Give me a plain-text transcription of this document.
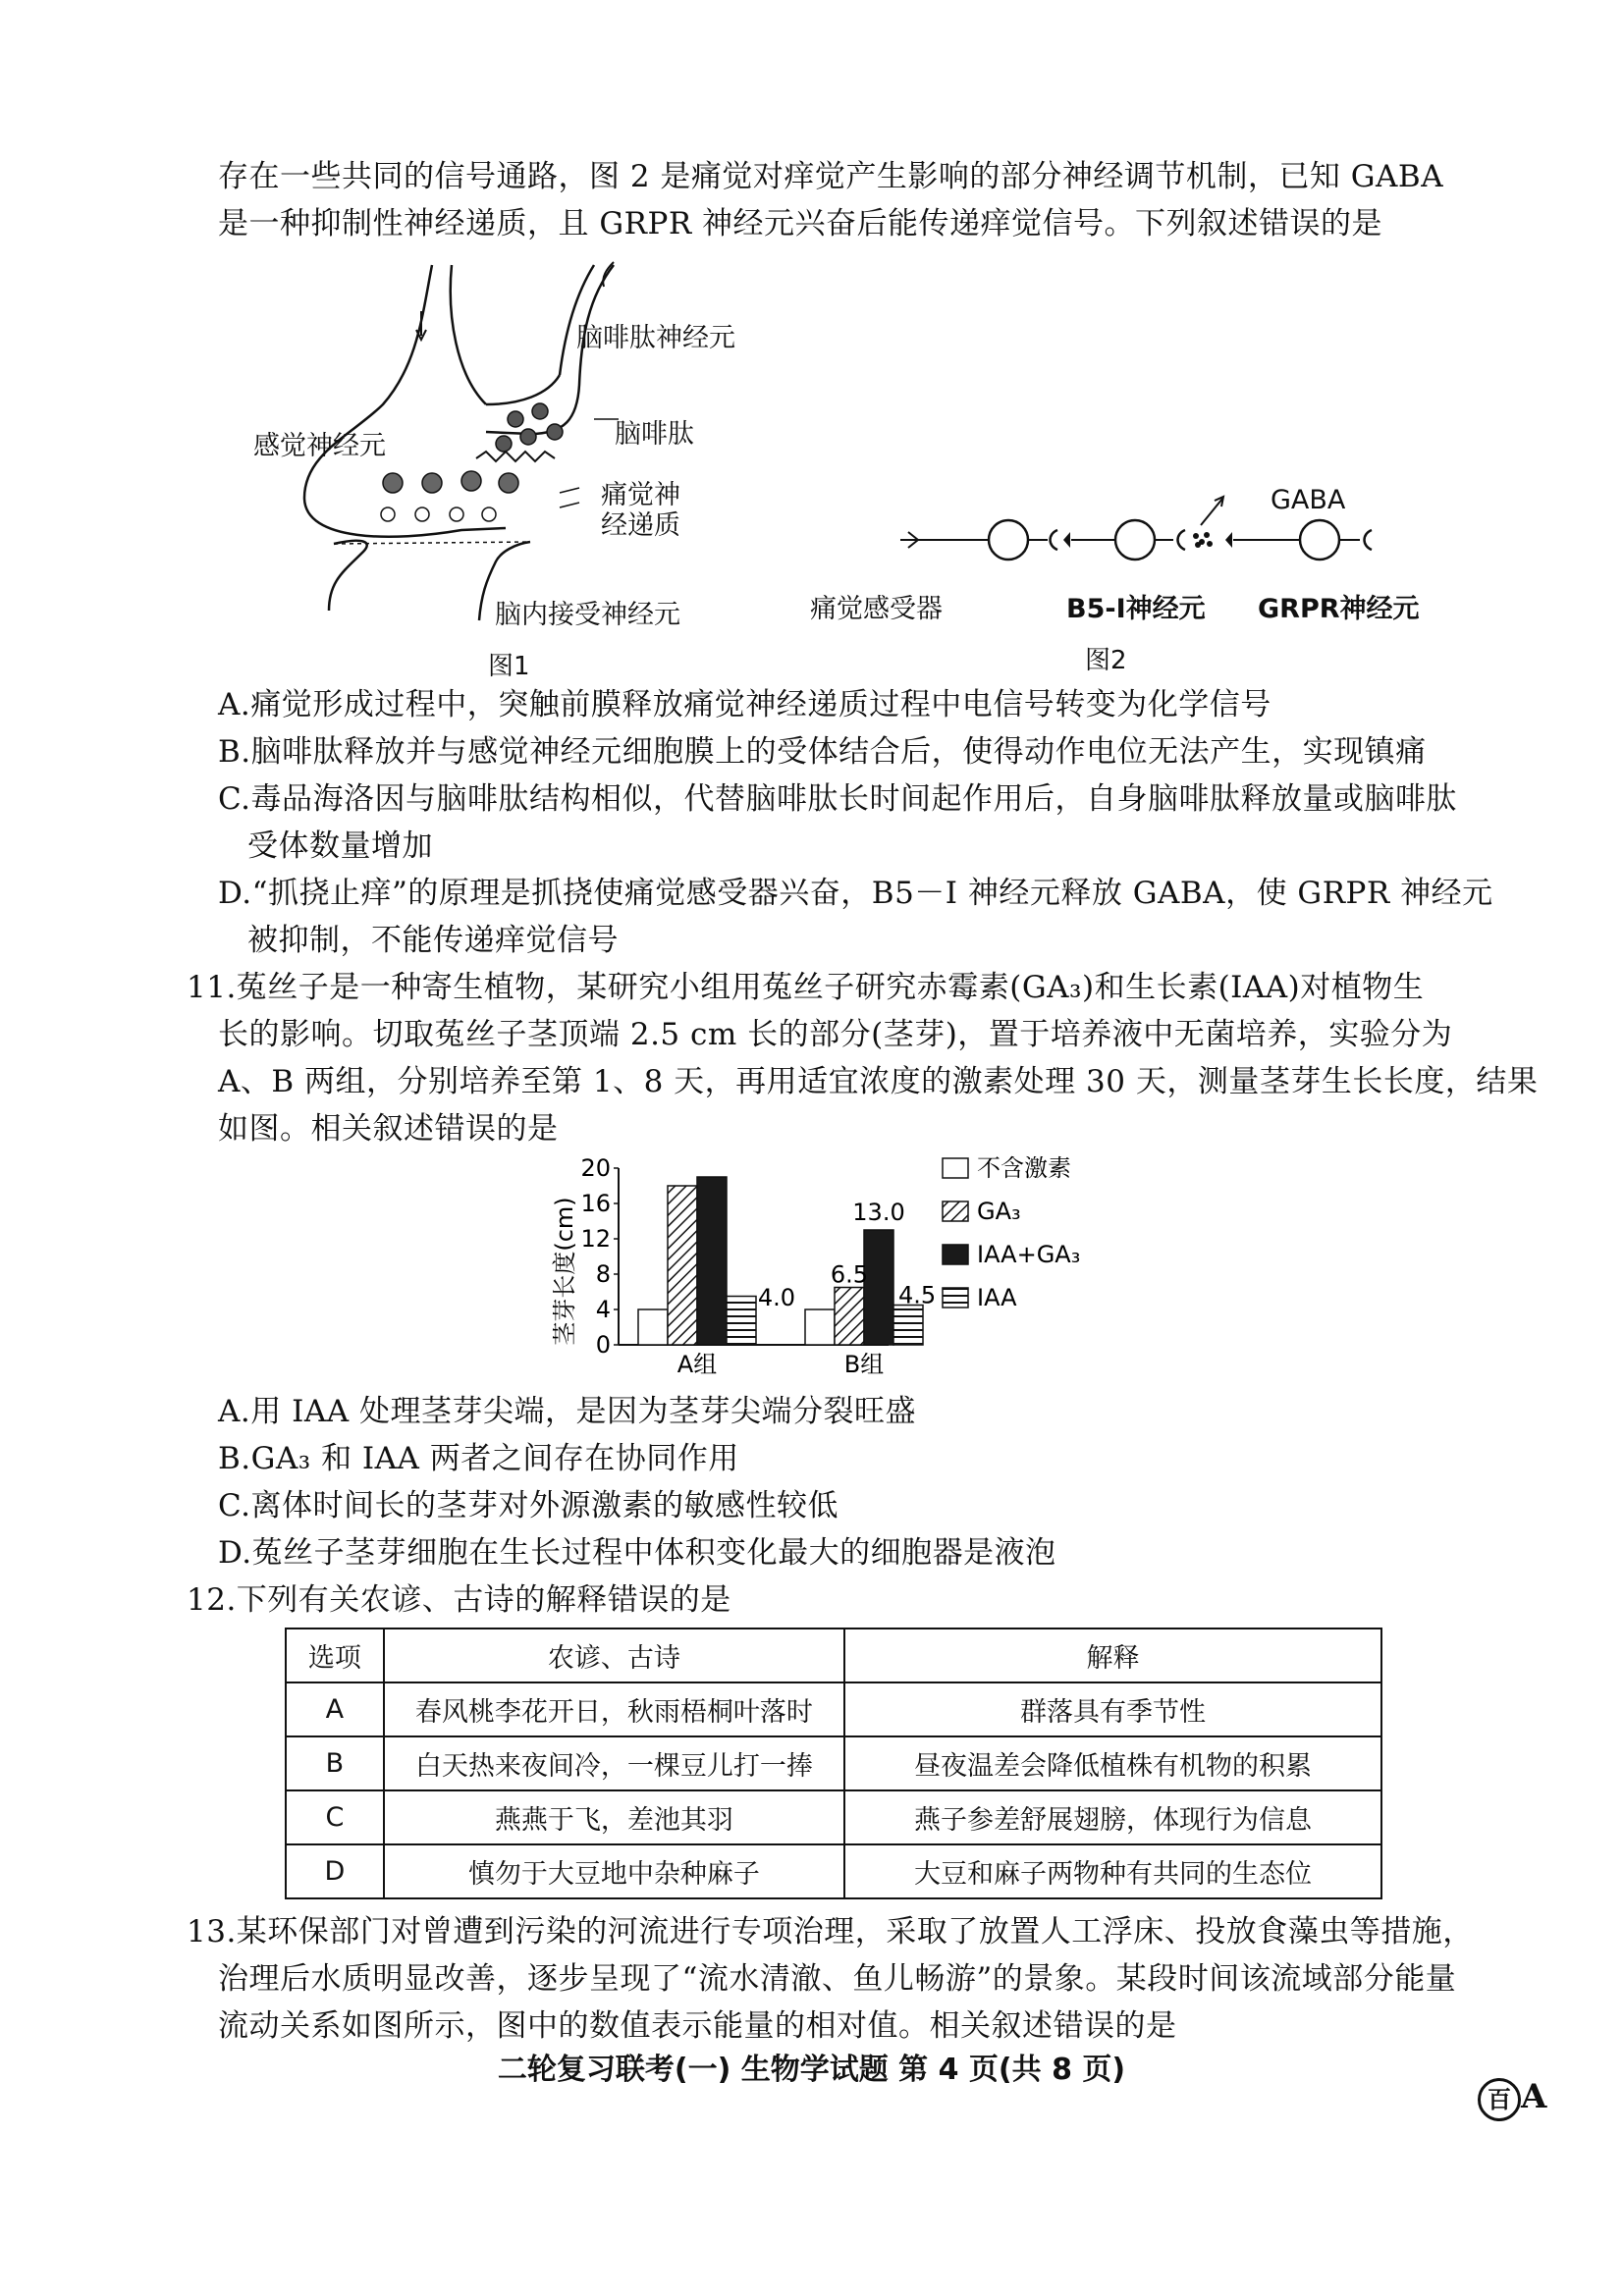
存在一些共同的信号通路，图 2 是痛觉对痒觉产生影响的部分神经调节机制，已知 GABA
是一种抑制性神经递质，且 GRPR 神经元兴奋后能传递痒觉信号。下列叙述错误的是
脑啡肽神经元
感觉神经元	脑啡肽
痛觉神
经递质
脑内接受神经元
图1
GABA
痛觉感受器	B5-I神经元 GRPR神经元
图2
A.痛觉形成过程中，突触前膜释放痛觉神经递质过程中电信号转变为化学信号
B.脑啡肽释放并与感觉神经元细胞膜上的受体结合后，使得动作电位无法产生，实现镇痛
C.毒品海洛因与脑啡肽结构相似，代替脑啡肽长时间起作用后，自身脑啡肽释放量或脑啡肽
受体数量增加
D.“抓挠止痒”的原理是抓挠使痛觉感受器兴奋，B5－I 神经元释放 GABA，使 GRPR 神经元
被抑制，不能传递痒觉信号
11.菟丝子是一种寄生植物，某研究小组用菟丝子研究赤霉素(GA₃)和生长素(IAA)对植物生
长的影响。切取菟丝子茎顶端 2.5 cm 长的部分(茎芽)，置于培养液中无菌培养，实验分为
A、B 两组，分别培养至第 1、8 天，再用适宜浓度的激素处理 30 天，测量茎芽生长长度，结果
如图。相关叙述错误的是
茎芽长度(cm) 0
4
8
12
16
20
4.0
6.5
13.0
4.5
A组	B组
不含激素
GA₃
IAA+GA₃
IAA
A.用 IAA 处理茎芽尖端，是因为茎芽尖端分裂旺盛
B.GA₃ 和 IAA 两者之间存在协同作用
C.离体时间长的茎芽对外源激素的敏感性较低
D.菟丝子茎芽细胞在生长过程中体积变化最大的细胞器是液泡
12.下列有关农谚、古诗的解释错误的是
选项	农谚、古诗	解释
A	春风桃李花开日，秋雨梧桐叶落时	群落具有季节性
B	白天热来夜间冷，一棵豆儿打一捧	昼夜温差会降低植株有机物的积累
C	燕燕于飞，差池其羽	燕子参差舒展翅膀，体现行为信息
D	慎勿于大豆地中杂种麻子	大豆和麻子两物种有共同的生态位
13.某环保部门对曾遭到污染的河流进行专项治理，采取了放置人工浮床、投放食藻虫等措施，
治理后水质明显改善，逐步呈现了“流水清澈、鱼儿畅游”的景象。某段时间该流域部分能量
流动关系如图所示，图中的数值表示能量的相对值。相关叙述错误的是
二轮复习联考(一) 生物学试题 第 4 页(共 8 页)
百 A
